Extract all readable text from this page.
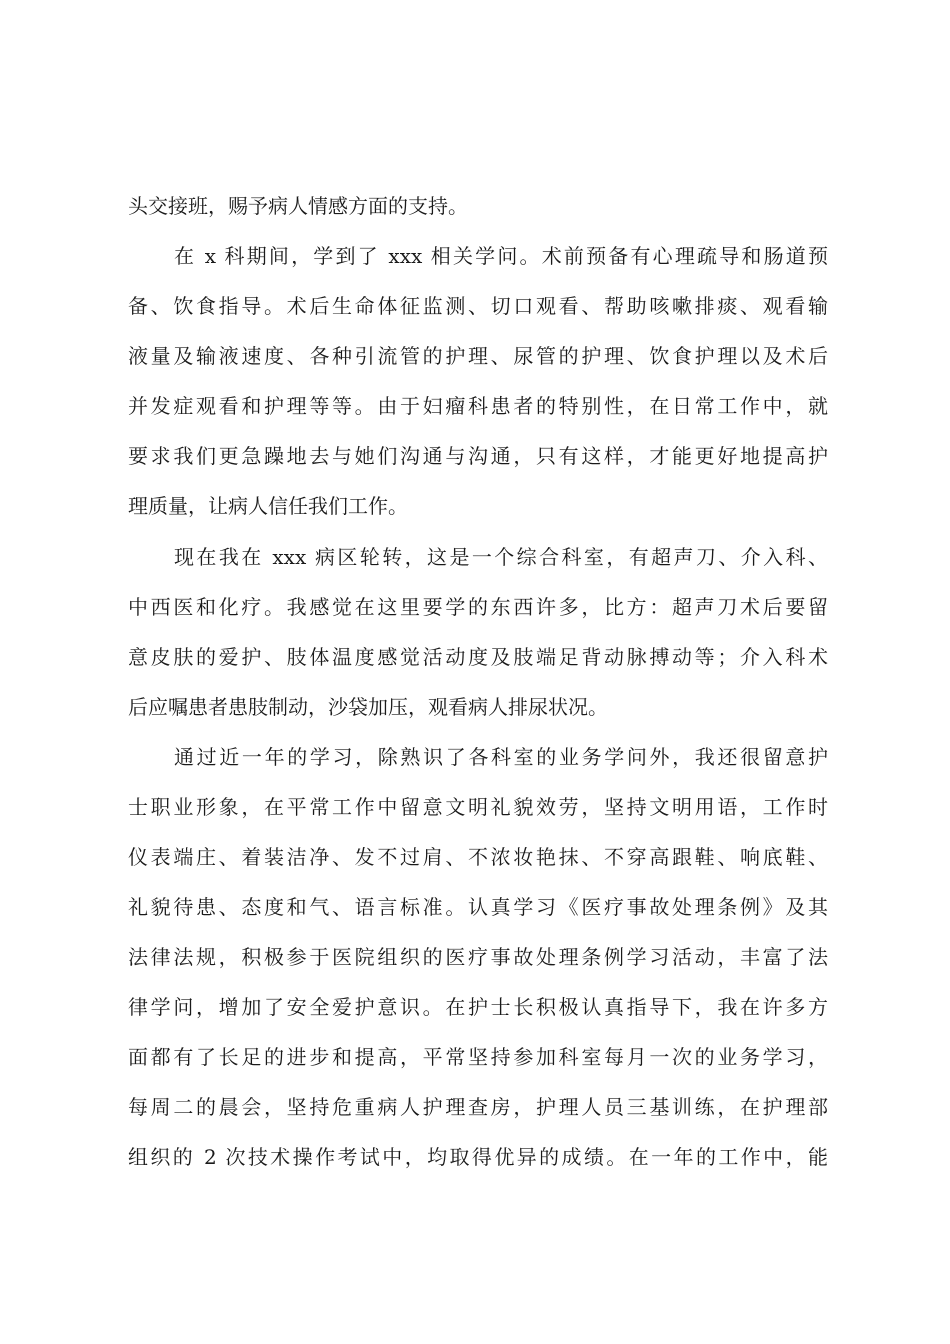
头交接班，赐予病人情感方面的支持。
在 x 科期间，学到了 xxx 相关学问。术前预备有心理疏导和肠道预
备、饮食指导。术后生命体征监测、切口观看、帮助咳嗽排痰、观看输
液量及输液速度、各种引流管的护理、尿管的护理、饮食护理以及术后
并发症观看和护理等等。由于妇瘤科患者的特别性，在日常工作中，就
要求我们更急躁地去与她们沟通与沟通，只有这样，才能更好地提高护
理质量，让病人信任我们工作。
现在我在 xxx 病区轮转，这是一个综合科室，有超声刀、介入科、
中西医和化疗。我感觉在这里要学的东西许多，比方：超声刀术后要留
意皮肤的爱护、肢体温度感觉活动度及肢端足背动脉搏动等；介入科术
后应嘱患者患肢制动，沙袋加压，观看病人排尿状况。
通过近一年的学习，除熟识了各科室的业务学问外，我还很留意护
士职业形象，在平常工作中留意文明礼貌效劳，坚持文明用语，工作时
仪表端庄、着装洁净、发不过肩、不浓妆艳抹、不穿高跟鞋、响底鞋、
礼貌待患、态度和气、语言标准。认真学习《医疗事故处理条例》及其
法律法规，积极参于医院组织的医疗事故处理条例学习活动，丰富了法
律学问，增加了安全爱护意识。在护士长积极认真指导下，我在许多方
面都有了长足的进步和提高，平常坚持参加科室每月一次的业务学习，
每周二的晨会，坚持危重病人护理查房，护理人员三基训练，在护理部
组织的 2 次技术操作考试中，均取得优异的成绩。在一年的工作中，能
